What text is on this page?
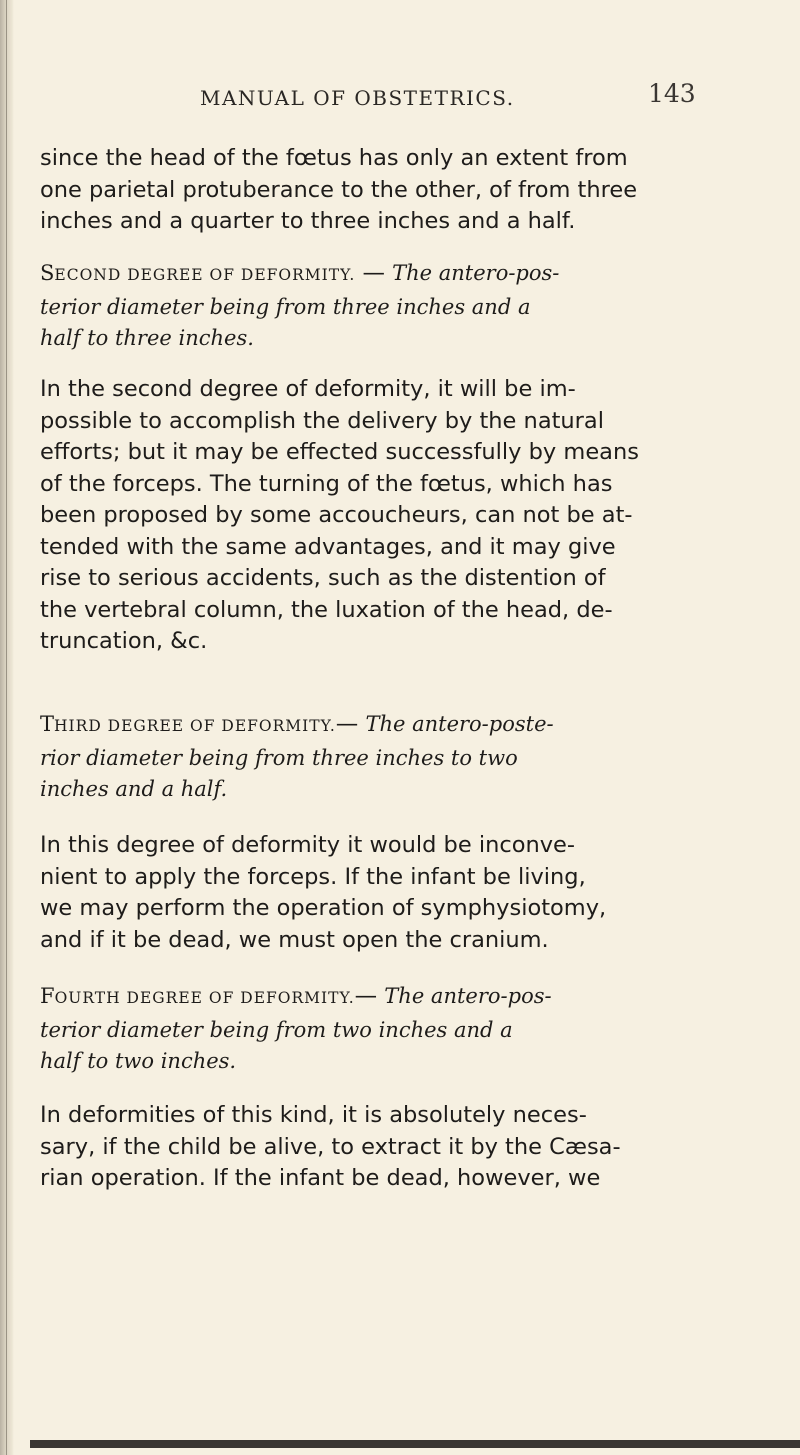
MANUAL OF OBSTETRICS.	143

since the head of the fœtus has only an extent from
one parietal protuberance to the other, of from three
inches and a quarter to three inches and a half.

SECOND DEGREE OF DEFORMITY. — The antero-pos-
terior diameter being from three inches and a
half to three inches.

In the second degree of deformity, it will be im-
possible to accomplish the delivery by the natural
efforts; but it may be effected successfully by means
of the forceps. The turning of the fœtus, which has
been proposed by some accoucheurs, can not be at-
tended with the same advantages, and it may give
rise to serious accidents, such as the distention of
the vertebral column, the luxation of the head, de-
truncation, &c.

THIRD DEGREE OF DEFORMITY.— The antero-poste-
rior diameter being from three inches to two
inches and a half.

In this degree of deformity it would be inconve-
nient to apply the forceps. If the infant be living,
we may perform the operation of symphysiotomy,
and if it be dead, we must open the cranium.

FOURTH DEGREE OF DEFORMITY.— The antero-pos-
terior diameter being from two inches and a
half to two inches.

In deformities of this kind, it is absolutely neces-
sary, if the child be alive, to extract it by the Cæsa-
rian operation. If the infant be dead, however, we
